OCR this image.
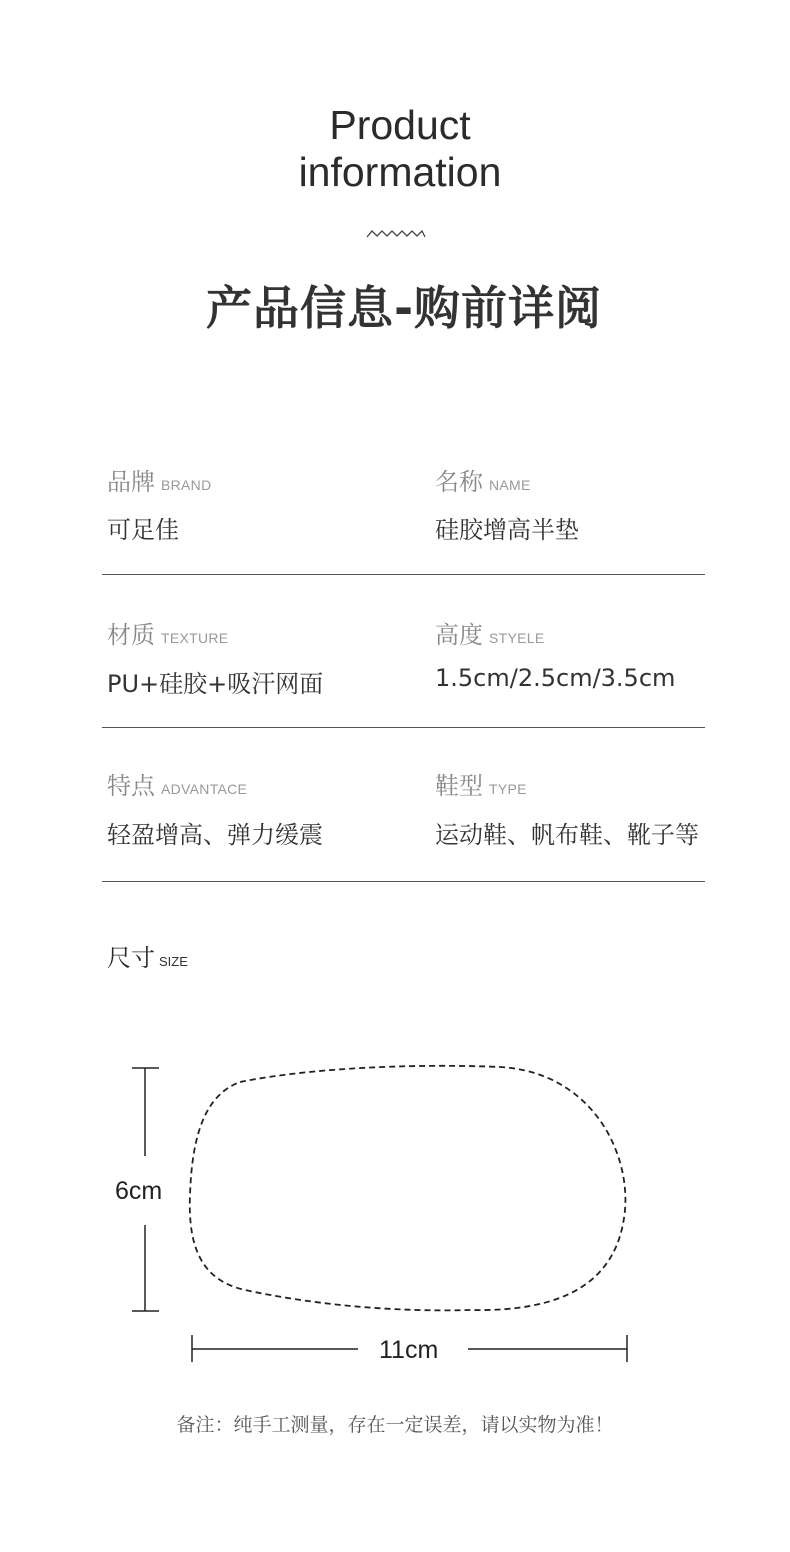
Product
information
产品信息-购前详阅
品牌 BRAND
可足佳
名称 NAME
硅胶增高半垫
材质 TEXTURE
PU+硅胶+吸汗网面
高度 STYELE
1.5cm/2.5cm/3.5cm
特点 ADVANTACE
轻盈增高、弹力缓震
鞋型 TYPE
运动鞋、帆布鞋、靴子等
尺寸 SIZE
6cm
11cm
备注：纯手工测量，存在一定误差，请以实物为准！
